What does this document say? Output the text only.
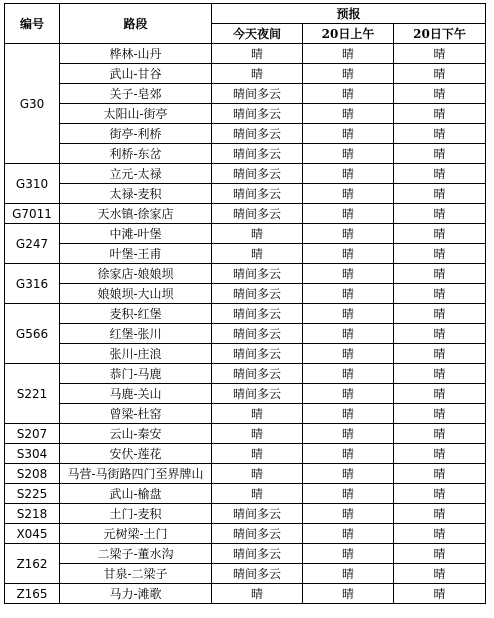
编号	路段	预报		
		今天夜间	20日上午	20日下午
G30	桦林-山丹	晴	晴	晴
	武山-甘谷	晴	晴	晴
	关子-皂郊	晴间多云	晴	晴
	太阳山-街亭	晴间多云	晴	晴
	街亭-利桥	晴间多云	晴	晴
	利桥-东岔	晴间多云	晴	晴
G310	立元-太禄	晴间多云	晴	晴
	太禄-麦积	晴间多云	晴	晴
G7011	天水镇-徐家店	晴间多云	晴	晴
G247	中滩-叶堡	晴	晴	晴
	叶堡-王甫	晴	晴	晴
G316	徐家店-娘娘坝	晴间多云	晴	晴
	娘娘坝-大山坝	晴间多云	晴	晴
G566	麦积-红堡	晴间多云	晴	晴
	红堡-张川	晴间多云	晴	晴
	张川-庄浪	晴间多云	晴	晴
S221	恭门-马鹿	晴间多云	晴	晴
	马鹿-关山	晴间多云	晴	晴
	曾梁-杜窑	晴	晴	晴
S207	云山-秦安	晴	晴	晴
S304	安伏-莲花	晴	晴	晴
S208	马营-马街路四门至界牌山	晴	晴	晴
S225	武山-榆盘	晴	晴	晴
S218	土门-麦积	晴间多云	晴	晴
X045	元树梁-土门	晴间多云	晴	晴
Z162	二梁子-董水沟	晴间多云	晴	晴
	甘泉-二梁子	晴间多云	晴	晴
Z165	马力-滩歌	晴	晴	晴
